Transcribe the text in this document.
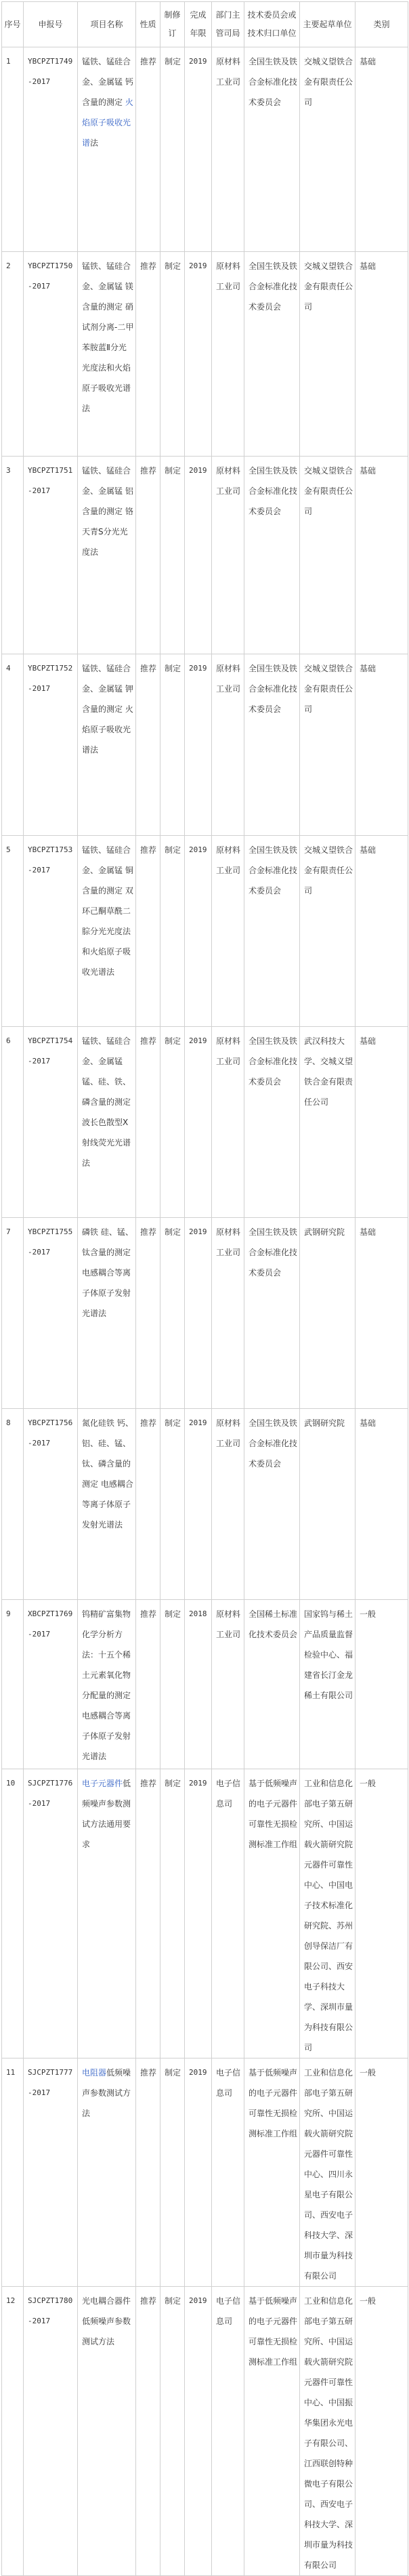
序号	申报号	项目名称	性质	制修订	完成年限	部门主管司局	技术委员会或技术归口单位	主要起草单位	类别
1	YBCPZT1749-2017	锰铁、锰硅合金、金属锰 钙含量的测定 火焰原子吸收光谱法	推荐	制定	2019	原材料工业司	全国生铁及铁合金标准化技术委员会	交城义望铁合金有限责任公司	基础
2	YBCPZT1750-2017	锰铁、锰硅合金、金属锰 镁含量的测定 硝试剂分离-二甲苯胺蓝Ⅱ分光光度法和火焰原子吸收光谱法	推荐	制定	2019	原材料工业司	全国生铁及铁合金标准化技术委员会	交城义望铁合金有限责任公司	基础
3	YBCPZT1751-2017	锰铁、锰硅合金、金属锰 铝含量的测定 铬天青S分光光度法	推荐	制定	2019	原材料工业司	全国生铁及铁合金标准化技术委员会	交城义望铁合金有限责任公司	基础
4	YBCPZT1752-2017	锰铁、锰硅合金、金属锰 钾含量的测定 火焰原子吸收光谱法	推荐	制定	2019	原材料工业司	全国生铁及铁合金标准化技术委员会	交城义望铁合金有限责任公司	基础
5	YBCPZT1753-2017	锰铁、锰硅合金、金属锰 铜含量的测定 双环己酮草酰二腙分光光度法和火焰原子吸收光谱法	推荐	制定	2019	原材料工业司	全国生铁及铁合金标准化技术委员会	交城义望铁合金有限责任公司	基础
6	YBCPZT1754-2017	锰铁、锰硅合金、金属锰 锰、硅、铁、磷含量的测定 波长色散型X射线荧光光谱法	推荐	制定	2019	原材料工业司	全国生铁及铁合金标准化技术委员会	武汉科技大学、交城义望铁合金有限责任公司	基础
7	YBCPZT1755-2017	磷铁 硅、锰、钛含量的测定 电感耦合等离子体原子发射光谱法	推荐	制定	2019	原材料工业司	全国生铁及铁合金标准化技术委员会	武钢研究院	基础
8	YBCPZT1756-2017	氮化硅铁 钙、铝、硅、锰、钛、磷含量的测定 电感耦合等离子体原子发射光谱法	推荐	制定	2019	原材料工业司	全国生铁及铁合金标准化技术委员会	武钢研究院	基础
9	XBCPZT1769-2017	钨精矿富集物化学分析方法：十五个稀土元素氧化物分配量的测定 电感耦合等离子体原子发射光谱法	推荐	制定	2018	原材料工业司	全国稀土标准化技术委员会	国家钨与稀土产品质量监督检验中心、福建省长汀金龙稀土有限公司	一般
10	SJCPZT1776-2017	电子元器件低频噪声参数测试方法通用要求	推荐	制定	2019	电子信息司	基于低频噪声的电子元器件可靠性无损检测标准工作组	工业和信息化部电子第五研究所、中国运载火箭研究院元器件可靠性中心、中国电子技术标准化研究院、苏州创导保洁厂有限公司、西安电子科技大学、深圳市量为科技有限公司	一般
11	SJCPZT1777-2017	电阻器低频噪声参数测试方法	推荐	制定	2019	电子信息司	基于低频噪声的电子元器件可靠性无损检测标准工作组	工业和信息化部电子第五研究所、中国运载火箭研究院元器件可靠性中心、四川永星电子有限公司、西安电子科技大学、深圳市量为科技有限公司	一般
12	SJCPZT1780-2017	光电耦合器件低频噪声参数测试方法	推荐	制定	2019	电子信息司	基于低频噪声的电子元器件可靠性无损检测标准工作组	工业和信息化部电子第五研究所、中国运载火箭研究院元器件可靠性中心、中国振华集团永光电子有限公司、江西联创特种微电子有限公司、西安电子科技大学、深圳市量为科技有限公司	一般
